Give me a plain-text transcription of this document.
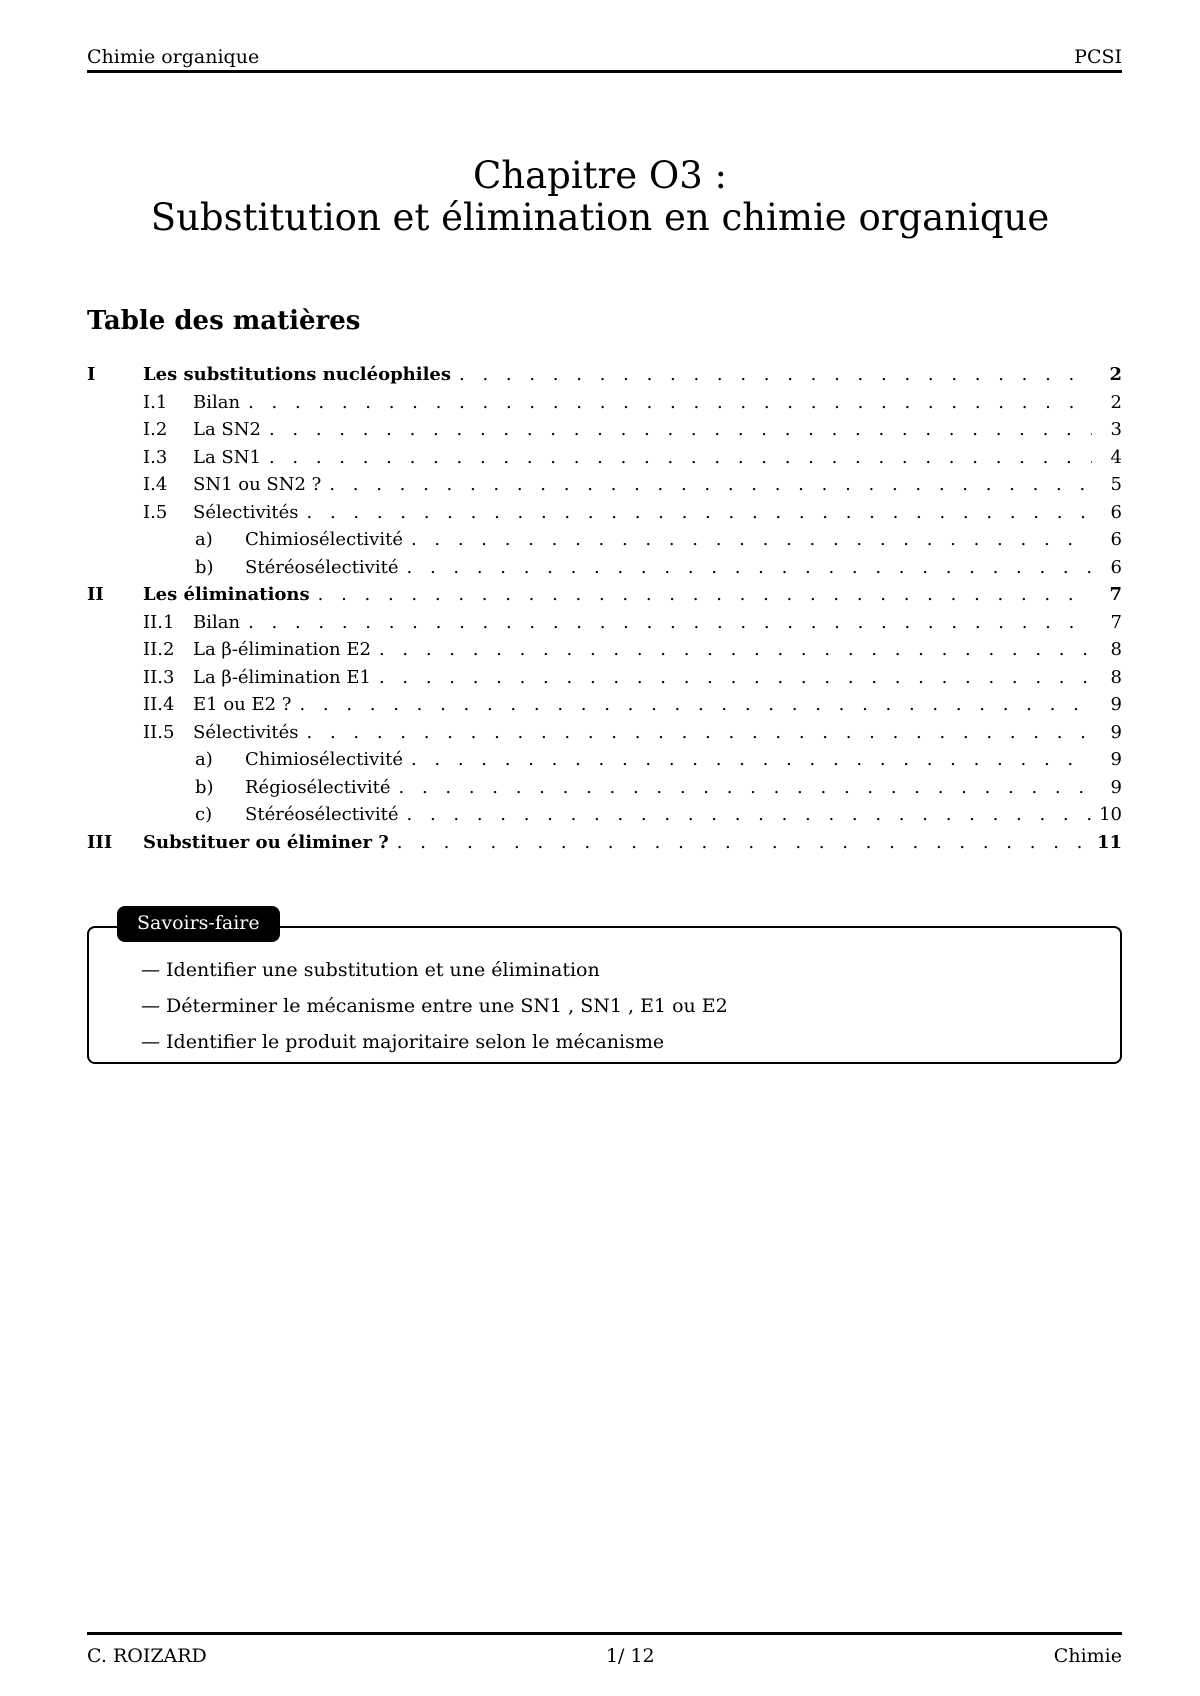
Chimie organique	PCSI
Chapitre O3 :
Substitution et élimination en chimie organique
Table des matières
I	Les substitutions nucléophiles . . .	2
I.1	Bilan . . .	2
I.2	La SN2 . . .	3
I.3	La SN1 . . .	4
I.4	SN1 ou SN2 ? . . .	5
I.5	Sélectivités . . .	6
a)	Chimiosélectivité . . .	6
b)	Stéréosélectivité . . .	6
II	Les éliminations . . .	7
II.1	Bilan . . .	7
II.2	La β-élimination E2 . . .	8
II.3	La β-élimination E1 . . .	8
II.4	E1 ou E2 ? . . .	9
II.5	Sélectivités . . .	9
a)	Chimiosélectivité . . .	9
b)	Régiosélectivité . . .	9
c)	Stéréosélectivité . . .	10
III	Substituer ou éliminer ? . . .	11
Savoirs-faire
— Identifier une substitution et une élimination
— Déterminer le mécanisme entre une SN1 , SN1 , E1 ou E2
— Identifier le produit majoritaire selon le mécanisme
C. ROIZARD	1/ 12	Chimie
